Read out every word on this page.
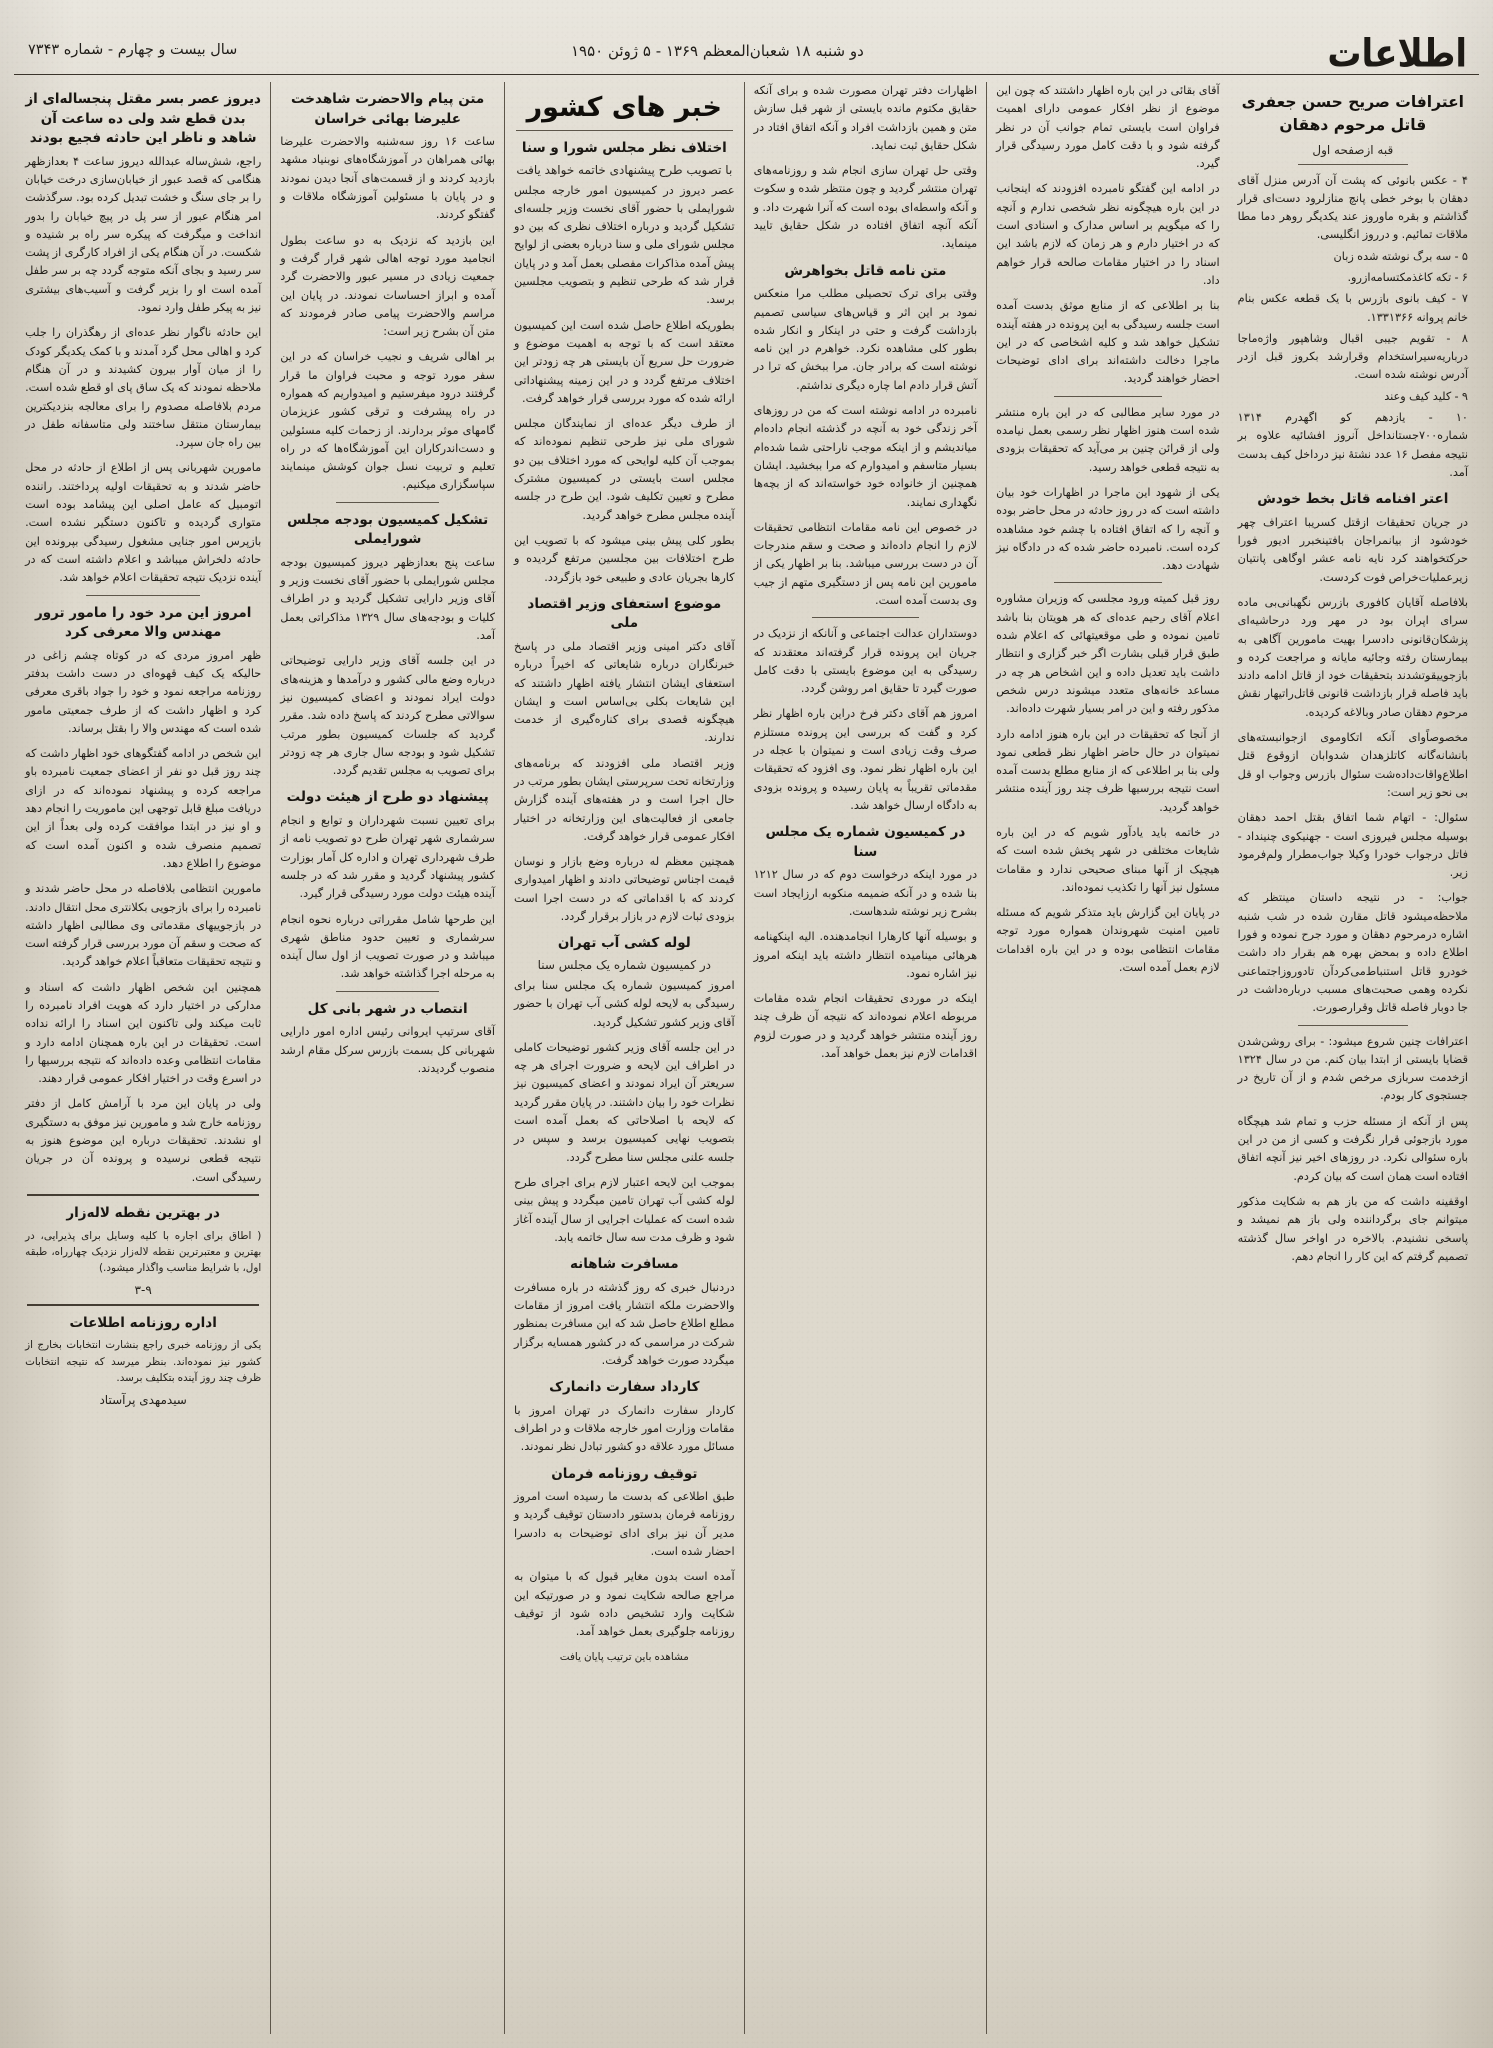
اطلاعات
دو شنبه ۱۸ شعبان‌المعظم ۱۳۶۹ - ۵ ژوئن ۱۹۵۰
سال بیست و چهارم - شماره ۷۳۴۳
اعترافات صریح حسن جعفری قاتل مرحوم دهقان
قبه ازصفحه اول

۴ - عکس بانوئی که پشت آن آدرس منزل آقای دهقان با بوخر خطی پانچ منازلرود دست‌ای قرار گذاشتم و بقره ماوروز عند یکدیگر روهر دما مطا ملاقات تمائیم. و درروز انگلیسی.

۵ - سه برگ نوشته شده زبان

۶ - تکه کاغذمکتسامه‌ازرو.

۷ - کیف بانوی بازرس با یک قطعه عکس بنام خانم پروانه ۱۳۳۱۳۶۶.

۸ - تقویم جیبی اقبال وشاهپور واژه‌ماجا درباریه‌سیراستخدام وقرارشد بکروز قبل ازدر آدرس نوشته شده است.

۹ - کلید کیف وعند

۱۰ - یازدهم کو اگهدرم ۱۳۱۴ شماره۷۰۰جستانداخل آنروز افشائیه علاوه بر نتیجه مفصل ۱۶ عدد نشتهٔ نیز درداخل کیف بدست آمد.

اعتر افنامه قاتل بخط خودش

در جریان تحقیقات ازقتل کسریبا اعتراف چهر خودشود از بیانمراجان بافتینخبرر ادیور فورا حرکتخواهند کرد نایه نامه عشر اوگاهی پانتیان زیرعملیات‌خراص فوت کردست.

بلافاصله آقایان کافوری بازرس نگهبانی‌بی ماده سرای اپران بود در مهر ورد درحاشیه‌ای پزشکان‌قانونی دادسرا بهیت مامورین آگاهی به بیمارستان رفته وجائیه مایانه و مراجعت کرده و بازجوییقوتشدند بتحقیقات خود از قاتل ادامه دادند باید فاصله قرار بازداشت قانونی قاتل‌راتیهار نقش مرحوم دهقان صادر وبالاغه کردیده.

مخصوصاًوای آنکه اتکاوموی ازجوانبسته‌های بانشانه‌گانه کاتلزهدان شدوابان ازوقوع قتل اطلاع‌واقات‌داده‌شت سئوال بازرس وجواب او قل بی نحو زیر است:

سئوال: - اتهام شما اتفاق بقتل احمد دهقان بوسیله مجلس فیروزی است - جهنیکوی چنینداد - فاتل درجواب خودرا وکیلا جواب‌مطرار ولم‌فرمود زیر.

جواب: - در نتیجه داستان مینتظر که ملاحظه‌میشود قاتل مقارن شده در شب شنبه اشاره درمرحوم دهقان و مورد جرح نموده و فورا اطلاع داده و بمحض بهره هم بقرار داد داشت خودرو قاتل استنباط‌می‌کردآن تادوروزاجتماعنی نکرده وهمی صحبت‌های مسبب درباره‌داشت در جا دوبار فاصله قاتل وقرارصورت.

اعترافات چنین شروع میشود: - برای روشن‌شدن قضایا بایستی از ابتدا بیان کنم. من در سال ۱۳۲۴ ازخدمت سربازی مرخص شدم و از آن تاریخ در جستجوی کار بودم.

پس از آنکه از مسئله حزب و تمام شد هیچگاه مورد بازجوئی قرار نگرفت و کسی از من در این باره سئوالی نکرد. در روزهای اخیر نیز آنچه اتفاق افتاده است همان است که بیان کردم.

اوقفینه داشت که من باز هم به شکایت مذکور میتوانم جای برگرداننده ولی باز هم نمیشد و پاسخی نشنیدم. بالاخره در اواخر سال گذشته تصمیم گرفتم که این کار را انجام دهم.

آقای بقائی در این باره اظهار داشتند که چون این موضوع از نظر افکار عمومی دارای اهمیت فراوان است بایستی تمام جوانب آن در نظر گرفته شود و با دقت کامل مورد رسیدگی قرار گیرد.

در ادامه این گفتگو نامبرده افزودند که اینجانب در این باره هیچگونه نظر شخصی ندارم و آنچه را که میگویم بر اساس مدارک و اسنادی است که در اختیار دارم و هر زمان که لازم باشد این اسناد را در اختیار مقامات صالحه قرار خواهم داد.

بنا بر اطلاعی که از منابع موثق بدست آمده است جلسه رسیدگی به این پرونده در هفته آینده تشکیل خواهد شد و کلیه اشخاصی که در این ماجرا دخالت داشته‌اند برای ادای توضیحات احضار خواهند گردید.

در مورد سایر مطالبی که در این باره منتشر شده است هنوز اظهار نظر رسمی بعمل نیامده ولی از قرائن چنین بر می‌آید که تحقیقات بزودی به نتیجه قطعی خواهد رسید.

یکی از شهود این ماجرا در اظهارات خود بیان داشته است که در روز حادثه در محل حاضر بوده و آنچه را که اتفاق افتاده با چشم خود مشاهده کرده است. نامبرده حاضر شده که در دادگاه نیز شهادت دهد.

روز قبل کمیته ورود مجلسی که وزیران مشاوره اعلام آقای رحیم عده‌ای که هر هویتان بنا باشد تامین نموده و طی موقعیتهائی که اعلام شده طبق قرار قبلی بشارت اگر خبر گزاری و انتظار داشت باید تعدیل داده و این اشخاص هر چه در مساعد خانه‌های متعدد میشوند درس شخص مذکور رفته و این در امر بسیار شهرت داده‌اند.

از آنجا که تحقیقات در این باره هنوز ادامه دارد نمیتوان در حال حاضر اظهار نظر قطعی نمود ولی بنا بر اطلاعی که از منابع مطلع بدست آمده است نتیجه بررسیها ظرف چند روز آینده منتشر خواهد گردید.

در خاتمه باید یادآور شویم که در این باره شایعات مختلفی در شهر پخش شده است که هیچیک از آنها مبنای صحیحی ندارد و مقامات مسئول نیز آنها را تکذیب نموده‌اند.

در پایان این گزارش باید متذکر شویم که مسئله تامین امنیت شهروندان همواره مورد توجه مقامات انتظامی بوده و در این باره اقدامات لازم بعمل آمده است.

اظهارات دفتر تهران مصورت شده و برای آنکه حقایق مکتوم مانده بایستی از شهر قبل سازش متن و همین بازداشت افراد و آنکه اتفاق افتاد در شکل حقایق ثبت نماید.

وقتی حل تهران سازی انجام شد و روزنامه‌های تهران منتشر گردید و چون منتظر شده و سکوت و آنکه واسطه‌ای بوده است که آنرا شهرت داد. و آنکه آنچه اتفاق افتاده در شکل حقایق تایید مینماید.

متن نامه قاتل بخواهرش

وقتی برای ترک تحصیلی مطلب مرا منعکس نمود بر این اثر و قیاس‌های سیاسی تصمیم بازداشت گرفت و حتی در اینکار و انکار شده بطور کلی مشاهده نکرد. خواهرم در این نامه نوشته است که برادر جان. مرا ببخش که ترا در آتش قرار دادم اما چاره دیگری نداشتم.

نامبرده در ادامه نوشته است که من در روزهای آخر زندگی خود به آنچه در گذشته انجام داده‌ام میاندیشم و از اینکه موجب ناراحتی شما شده‌ام بسیار متاسفم و امیدوارم که مرا ببخشید. ایشان همچنین از خانواده خود خواسته‌اند که از بچه‌ها نگهداری نمایند.

در خصوص این نامه مقامات انتظامی تحقیقات لازم را انجام داده‌اند و صحت و سقم مندرجات آن در دست بررسی میباشد. بنا بر اظهار یکی از مامورین این نامه پس از دستگیری متهم از جیب وی بدست آمده است.

دوستداران عدالت اجتماعی و آنانکه از نزدیک در جریان این پرونده قرار گرفته‌اند معتقدند که رسیدگی به این موضوع بایستی با دقت کامل صورت گیرد تا حقایق امر روشن گردد.

امروز هم آقای دکتر فرخ دراین باره اظهار نظر کرد و گفت که بررسی این پرونده مستلزم صرف وقت زیادی است و نمیتوان با عجله در این باره اظهار نظر نمود. وی افزود که تحقیقات مقدماتی تقریباً به پایان رسیده و پرونده بزودی به دادگاه ارسال خواهد شد.

در کمیسیون شماره یک مجلس سنا

در مورد اینکه درخواست دوم که در سال ۱۲۱۲ بنا شده و در آنکه ضمیمه منکوبه ارزایجاد است بشرح زیر نوشته شدهاست.

و بوسیله آنها کارهارا انجامدهنده. الیه اینکهنامه هرهائی مینامیده انتظار داشته باید اینکه امروز نیز اشاره نمود.

اینکه در موردی تحقیقات انجام شده مقامات مربوطه اعلام نموده‌اند که نتیجه آن ظرف چند روز آینده منتشر خواهد گردید و در صورت لزوم اقدامات لازم نیز بعمل خواهد آمد.

خبر های کشور
اختلاف نظر مجلس شورا و سنا
با تصویب طرح پیشنهادی خاتمه خواهد یافت

عصر دیروز در کمیسیون امور خارجه مجلس شورایملی با حضور آقای نخست وزیر جلسه‌ای تشکیل گردید و درباره اختلاف نظری که بین دو مجلس شورای ملی و سنا درباره بعضی از لوایح پیش آمده مذاکرات مفصلی بعمل آمد و در پایان قرار شد که طرحی تنظیم و بتصویب مجلسین برسد.

بطوریکه اطلاع حاصل شده است این کمیسیون معتقد است که با توجه به اهمیت موضوع و ضرورت حل سریع آن بایستی هر چه زودتر این اختلاف مرتفع گردد و در این زمینه پیشنهاداتی ارائه شده که مورد بررسی قرار خواهد گرفت.

از طرف دیگر عده‌ای از نمایندگان مجلس شورای ملی نیز طرحی تنظیم نموده‌اند که بموجب آن کلیه لوایحی که مورد اختلاف بین دو مجلس است بایستی در کمیسیون مشترک مطرح و تعیین تکلیف شود. این طرح در جلسه آینده مجلس مطرح خواهد گردید.

بطور کلی پیش بینی میشود که با تصویب این طرح اختلافات بین مجلسین مرتفع گردیده و کارها بجریان عادی و طبیعی خود بازگردد.

موضوع استعفای وزیر اقتصاد ملی

آقای دکتر امینی وزیر اقتصاد ملی در پاسخ خبرنگاران درباره شایعاتی که اخیراً درباره استعفای ایشان انتشار یافته اظهار داشتند که این شایعات بکلی بی‌اساس است و ایشان هیچگونه قصدی برای کناره‌گیری از خدمت ندارند.

وزیر اقتصاد ملی افزودند که برنامه‌های وزارتخانه تحت سرپرستی ایشان بطور مرتب در حال اجرا است و در هفته‌های آینده گزارش جامعی از فعالیت‌های این وزارتخانه در اختیار افکار عمومی قرار خواهد گرفت.

همچنین معظم له درباره وضع بازار و نوسان قیمت اجناس توضیحاتی دادند و اظهار امیدواری کردند که با اقداماتی که در دست اجرا است بزودی ثبات لازم در بازار برقرار گردد.

لوله کشی آب تهران
در کمیسیون شماره یک مجلس سنا

امروز کمیسیون شماره یک مجلس سنا برای رسیدگی به لایحه لوله کشی آب تهران با حضور آقای وزیر کشور تشکیل گردید.

در این جلسه آقای وزیر کشور توضیحات کاملی در اطراف این لایحه و ضرورت اجرای هر چه سریعتر آن ایراد نمودند و اعضای کمیسیون نیز نظرات خود را بیان داشتند. در پایان مقرر گردید که لایحه با اصلاحاتی که بعمل آمده است بتصویب نهایی کمیسیون برسد و سپس در جلسه علنی مجلس سنا مطرح گردد.

بموجب این لایحه اعتبار لازم برای اجرای طرح لوله کشی آب تهران تامین میگردد و پیش بینی شده است که عملیات اجرایی از سال آینده آغاز شود و ظرف مدت سه سال خاتمه یابد.

مسافرت شاهانه

دردنبال خبری که روز گذشته در باره مسافرت والاحضرت ملکه انتشار یافت امروز از مقامات مطلع اطلاع حاصل شد که این مسافرت بمنظور شرکت در مراسمی که در کشور همسایه برگزار میگردد صورت خواهد گرفت.

کارداد سفارت دانمارک

کاردار سفارت دانمارک در تهران امروز با مقامات وزارت امور خارجه ملاقات و در اطراف مسائل مورد علاقه دو کشور تبادل نظر نمودند.

توقیف روزنامه فرمان

طبق اطلاعی که بدست ما رسیده است امروز روزنامه فرمان بدستور دادستان توقیف گردید و مدیر آن نیز برای ادای توضیحات به دادسرا احضار شده است.

آمده است بدون مغایر قبول که با میتوان به مراجع صالحه شکایت نمود و در صورتیکه این شکایت وارد تشخیص داده شود از توقیف روزنامه جلوگیری بعمل خواهد آمد.

مشاهده باین ترتیب پایان یافت

متن پیام والاحضرت شاهدخت علیرضا بهائی خراسان

ساعت ۱۶ روز سه‌شنبه والاحضرت علیرضا بهائی همراهان در آموزشگاه‌های نوبنیاد مشهد بازدید کردند و از قسمت‌های آنجا دیدن نمودند و در پایان با مسئولین آموزشگاه ملاقات و گفتگو کردند.

این بازدید که نزدیک به دو ساعت بطول انجامید مورد توجه اهالی شهر قرار گرفت و جمعیت زیادی در مسیر عبور والاحضرت گرد آمده و ابراز احساسات نمودند. در پایان این مراسم والاحضرت پیامی صادر فرمودند که متن آن بشرح زیر است:

بر اهالی شریف و نجیب خراسان که در این سفر مورد توجه و محبت فراوان ما قرار گرفتند درود میفرستیم و امیدواریم که همواره در راه پیشرفت و ترقی کشور عزیزمان گامهای موثر بردارند. از زحمات کلیه مسئولین و دست‌اندرکاران این آموزشگاه‌ها که در راه تعلیم و تربیت نسل جوان کوشش مینمایند سپاسگزاری میکنیم.

تشکیل کمیسیون بودجه مجلس شورایملی

ساعت پنج بعدازظهر دیروز کمیسیون بودجه مجلس شورایملی با حضور آقای نخست وزیر و آقای وزیر دارایی تشکیل گردید و در اطراف کلیات و بودجه‌های سال ۱۳۲۹ مذاکراتی بعمل آمد.

در این جلسه آقای وزیر دارایی توضیحاتی درباره وضع مالی کشور و درآمدها و هزینه‌های دولت ایراد نمودند و اعضای کمیسیون نیز سوالاتی مطرح کردند که پاسخ داده شد. مقرر گردید که جلسات کمیسیون بطور مرتب تشکیل شود و بودجه سال جاری هر چه زودتر برای تصویب به مجلس تقدیم گردد.

پیشنهاد دو طرح از هیئت دولت

برای تعیین نسبت شهرداران و توابع و انجام سرشماری شهر تهران طرح دو تصویب نامه از طرف شهرداری تهران و اداره کل آمار بوزارت کشور پیشنهاد گردید و مقرر شد که در جلسه آینده هیئت دولت مورد رسیدگی قرار گیرد.

این طرحها شامل مقرراتی درباره نحوه انجام سرشماری و تعیین حدود مناطق شهری میباشد و در صورت تصویب از اول سال آینده به مرحله اجرا گذاشته خواهد شد.

انتصاب در شهر بانی کل

آقای سرتیپ ایروانی رئیس اداره امور دارایی شهربانی کل بسمت بازرس سرکل مقام ارشد منصوب گردیدند.

دیروز عصر بسر مقتل پنجساله‌ای از بدن قطع شد ولی ده ساعت آن شاهد و ناظر این حادثه فجیع بودند

راجع، شش‌ساله عبدالله دیروز ساعت ۴ بعدازظهر هنگامی که قصد عبور از خیابان‌سازی درخت خیابان را بر جای سنگ و خشت تبدیل کرده بود. سرگذشت امر هنگام عبور از سر پل در پیچ خیابان را بدور انداخت و میگرفت که پیکره سر راه بر شنیده و شکست. در آن هنگام یکی از افراد کارگری از پشت سر رسید و بجای آنکه متوجه گردد چه بر سر طفل آمده است او را بزیر گرفت و آسیب‌های بیشتری نیز به پیکر طفل وارد نمود.

این حادثه ناگوار نظر عده‌ای از رهگذران را جلب کرد و اهالی محل گرد آمدند و با کمک یکدیگر کودک را از میان آوار بیرون کشیدند و در آن هنگام ملاحظه نمودند که یک ساق پای او قطع شده است. مردم بلافاصله مصدوم را برای معالجه بنزدیکترین بیمارستان منتقل ساختند ولی متاسفانه طفل در بین راه جان سپرد.

مامورین شهربانی پس از اطلاع از حادثه در محل حاضر شدند و به تحقیقات اولیه پرداختند. راننده اتومبیل که عامل اصلی این پیشامد بوده است متواری گردیده و تاکنون دستگیر نشده است. بازپرس امور جنایی مشغول رسیدگی بپرونده این حادثه دلخراش میباشد و اعلام داشته است که در آینده نزدیک نتیجه تحقیقات اعلام خواهد شد.

امروز این مرد خود را مامور ترور مهندس والا معرفی کرد

ظهر امروز مردی که در کوتاه چشم زاغی در حالیکه یک کیف قهوه‌ای در دست داشت بدفتر روزنامه مراجعه نمود و خود را جواد باقری معرفی کرد و اظهار داشت که از طرف جمعیتی مامور شده است که مهندس والا را بقتل برساند.

این شخص در ادامه گفتگوهای خود اظهار داشت که چند روز قبل دو نفر از اعضای جمعیت نامبرده باو مراجعه کرده و پیشنهاد نموده‌اند که در ازای دریافت مبلغ قابل توجهی این ماموریت را انجام دهد و او نیز در ابتدا موافقت کرده ولی بعداً از این تصمیم منصرف شده و اکنون آمده است که موضوع را اطلاع دهد.

مامورین انتظامی بلافاصله در محل حاضر شدند و نامبرده را برای بازجویی بکلانتری محل انتقال دادند. در بازجوییهای مقدماتی وی مطالبی اظهار داشته که صحت و سقم آن مورد بررسی قرار گرفته است و نتیجه تحقیقات متعاقباً اعلام خواهد گردید.

همچنین این شخص اظهار داشت که اسناد و مدارکی در اختیار دارد که هویت افراد نامبرده را ثابت میکند ولی تاکنون این اسناد را ارائه نداده است. تحقیقات در این باره همچنان ادامه دارد و مقامات انتظامی وعده داده‌اند که نتیجه بررسیها را در اسرع وقت در اختیار افکار عمومی قرار دهند.

ولی در پایان این مرد با آرامش کامل از دفتر روزنامه خارج شد و مامورین نیز موفق به دستگیری او نشدند. تحقیقات درباره این موضوع هنوز به نتیجه قطعی نرسیده و پرونده آن در جریان رسیدگی است.

در بهترین نقطه لاله‌زار

( اطاق برای اجاره با کلیه وسایل برای پذیرایی، در بهترین و معتبرترین نقطه لاله‌زار نزدیک چهارراه، طبقه اول، با شرایط مناسب واگذار میشود.)

۳-۹
اداره روزنامه اطلاعات

یکی از روزنامه خبری راجع بنشارت انتخابات بخارج از کشور نیز نموده‌اند. بنظر میرسد که نتیجه انتخابات ظرف چند روز آینده بتکلیف برسد.

سیدمهدی پرآستاد
